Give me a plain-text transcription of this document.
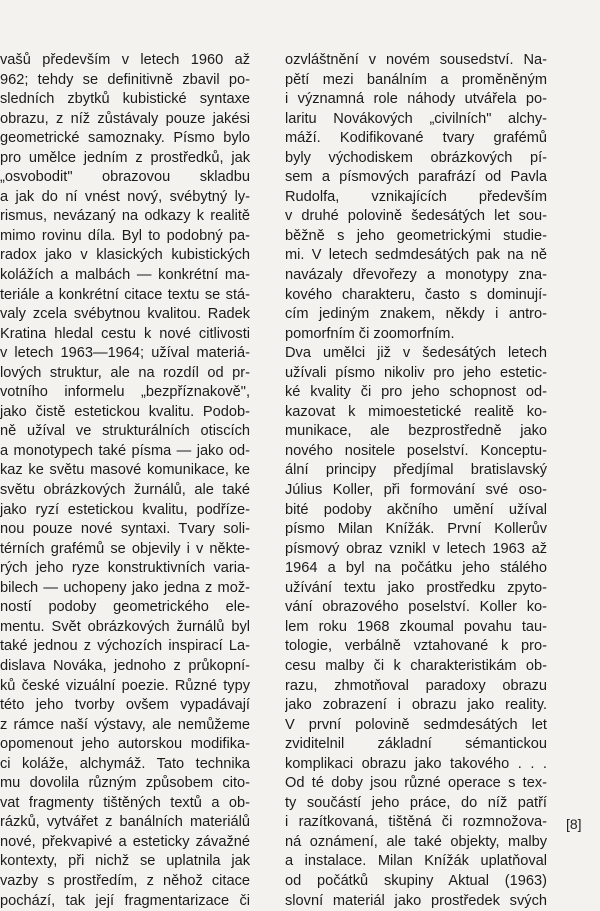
vašů především v letech 1960 až
962; tehdy se definitivně zbavil po-
sledních zbytků kubistické syntaxe
obrazu, z níž zůstávaly pouze jakési
geometrické samoznaky. Písmo bylo
pro umělce jedním z prostředků, jak
„osvobodit" obrazovou skladbu
a jak do ní vnést nový, svébytný ly-
rismus, nevázaný na odkazy k realitě
mimo rovinu díla. Byl to podobný pa-
radox jako v klasických kubistických
kolážích a malbách — konkrétní ma-
teriále a konkrétní citace textu se stá-
valy zcela svébytnou kvalitou. Radek
Kratina hledal cestu k nové citlivosti
v letech 1963—1964; užíval materiá-
lových struktur, ale na rozdíl od pr-
votního informelu „bezpříznakově",
jako čistě estetickou kvalitu. Podob-
ně užíval ve strukturálních otiscích
a monotypech také písma — jako od-
kaz ke světu masové komunikace, ke
světu obrázkových žurnálů, ale také
jako ryzí estetickou kvalitu, podříze-
nou pouze nové syntaxi. Tvary soli-
térních grafémů se objevily i v někte-
rých jeho ryze konstruktivních varia-
bilech — uchopeny jako jedna z mož-
ností podoby geometrického ele-
mentu. Svět obrázkových žurnálů byl
také jednou z výchozích inspirací La-
dislava Nováka, jednoho z průkopní-
ků české vizuální poezie. Různé typy
této jeho tvorby ovšem vypadávají
z rámce naší výstavy, ale nemůžeme
opomenout jeho autorskou modifika-
ci koláže, alchymáž. Tato technika
mu dovolila různým způsobem cito-
vat fragmenty tištěných textů a ob-
rázků, vytvářet z banálních materiálů
nové, překvapivé a esteticky závažné
kontexty, při nichž se uplatnila jak
vazby s prostředím, z něhož citace
pochází, tak její fragmentarizace či
ozvláštnění v novém sousedství. Na-
pětí mezi banálním a proměněným
i významná role náhody utvářela po-
laritu Novákových „civilních" alchy-
máží. Kodifikované tvary grafémů
byly východiskem obrázkových pí-
sem a písmových parafrází od Pavla
Rudolfa, vznikajících především
v druhé polovině šedesátých let sou-
běžně s jeho geometrickými studie-
mi. V letech sedmdesátých pak na ně
navázaly dřevořezy a monotypy zna-
kového charakteru, často s dominují-
cím jediným znakem, někdy i antro-
pomorfním či zoomorfním.
Dva umělci již v šedesátých letech
užívali písmo nikoliv pro jeho estetic-
ké kvality či pro jeho schopnost od-
kazovat k mimoestetické realitě ko-
munikace, ale bezprostředně jako
nového nositele poselství. Konceptu-
ální principy předjímal bratislavský
Július Koller, při formování své oso-
bité podoby akčního umění užíval
písmo Milan Knížák. První Kollerův
písmový obraz vznikl v letech 1963 až
1964 a byl na počátku jeho stálého
užívání textu jako prostředku zpyto-
vání obrazového poselství. Koller ko-
lem roku 1968 zkoumal povahu tau-
tologie, verbálně vztahované k pro-
cesu malby či k charakteristikám ob-
razu, zhmotňoval paradoxy obrazu
jako zobrazení i obrazu jako reality.
V první polovině sedmdesátých let
zviditelnil základní sémantickou
komplikaci obrazu jako takového . . .
Od té doby jsou různé operace s tex-
ty součástí jeho práce, do níž patří
i razítkovaná, tištěná či rozmnožova-
ná oznámení, ale také objekty, malby
a instalace. Milan Knížák uplatňoval
od počátků skupiny Aktual (1963)
slovní materiál jako prostředek svých
[8]
